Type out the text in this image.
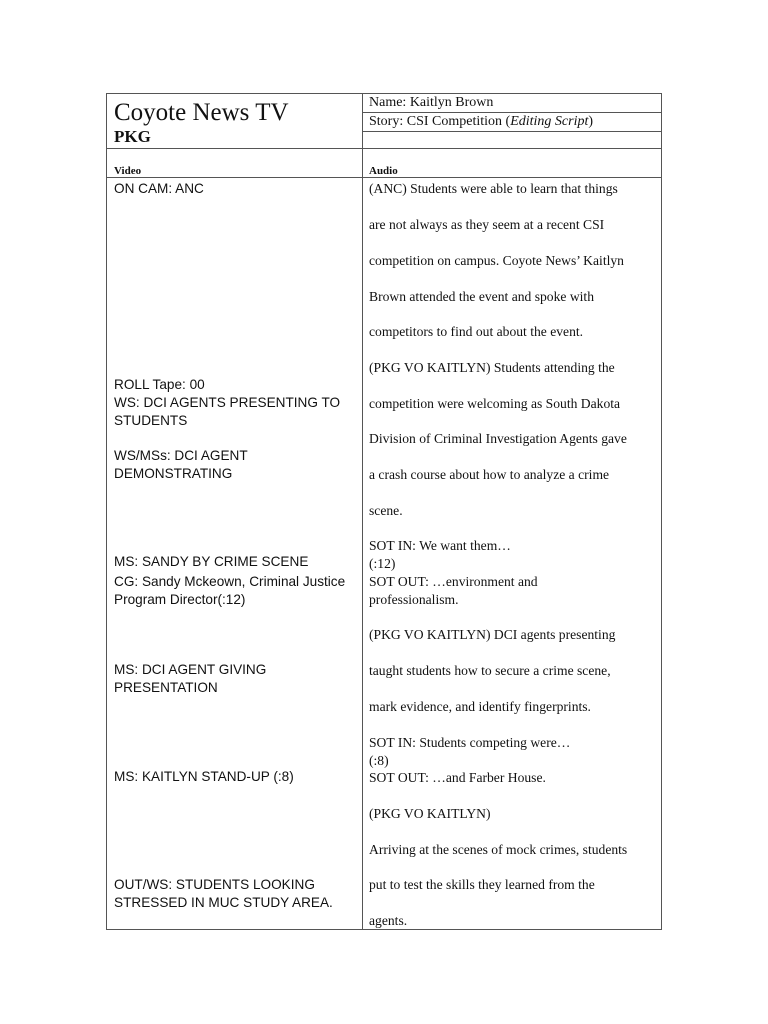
Coyote News TV
PKG
Name: Kaitlyn Brown
Story: CSI Competition (Editing Script)
Video	Audio
ON CAM: ANC
ROLL Tape: 00
WS: DCI AGENTS PRESENTING TO
STUDENTS
WS/MSs: DCI AGENT
DEMONSTRATING
MS: SANDY BY CRIME SCENE
CG: Sandy Mckeown, Criminal Justice
Program Director(:12)
MS: DCI AGENT GIVING
PRESENTATION
MS: KAITLYN STAND-UP (:8)
OUT/WS: STUDENTS LOOKING
STRESSED IN MUC STUDY AREA.
(ANC) Students were able to learn that things
are not always as they seem at a recent CSI
competition on campus. Coyote News’ Kaitlyn
Brown attended the event and spoke with
competitors to find out about the event.
(PKG VO KAITLYN) Students attending the
competition were welcoming as South Dakota
Division of Criminal Investigation Agents gave
a crash course about how to analyze a crime
scene.
SOT IN: We want them…
(:12)
SOT OUT: …environment and
professionalism.
(PKG VO KAITLYN) DCI agents presenting
taught students how to secure a crime scene,
mark evidence, and identify fingerprints.
SOT IN: Students competing were…
(:8)
SOT OUT: …and Farber House.
(PKG VO KAITLYN)
Arriving at the scenes of mock crimes, students
put to test the skills they learned from the
agents.
